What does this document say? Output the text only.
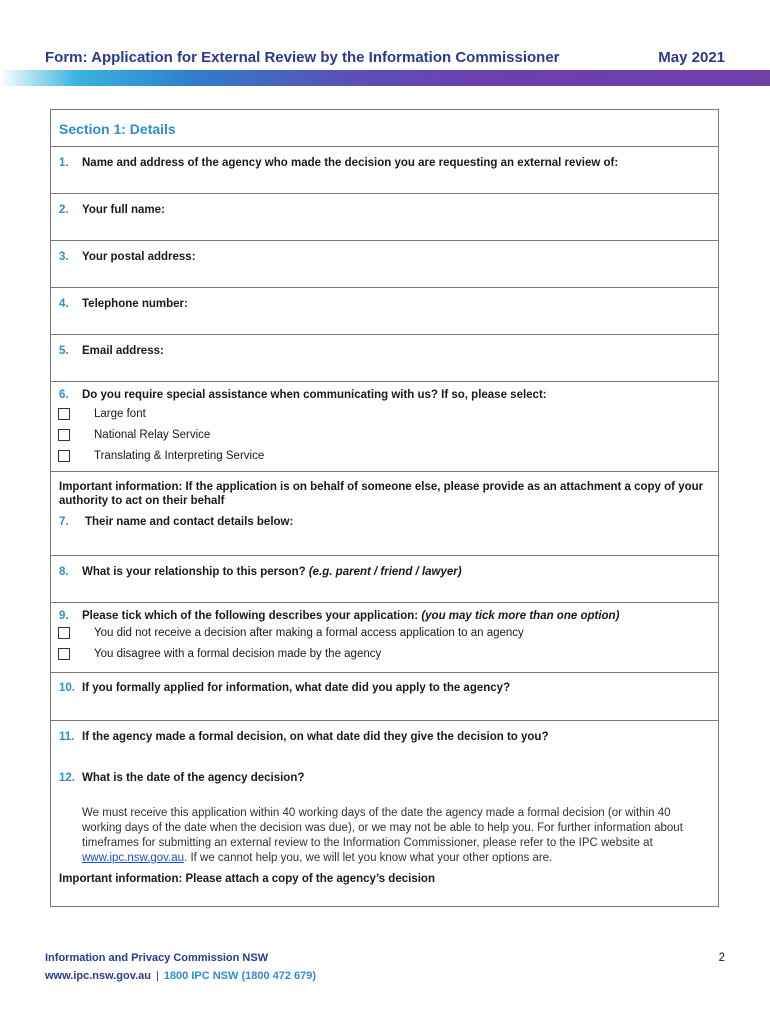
Form: Application for External Review by the Information Commissioner	May 2021
Section 1: Details
1. Name and address of the agency who made the decision you are requesting an external review of:
2. Your full name:
3. Your postal address:
4. Telephone number:
5. Email address:
6. Do you require special assistance when communicating with us? If so, please select:
Large font
National Relay Service
Translating & Interpreting Service
Important information: If the application is on behalf of someone else, please provide as an attachment a copy of your authority to act on their behalf
7. Their name and contact details below:
8. What is your relationship to this person? (e.g. parent / friend / lawyer)
9. Please tick which of the following describes your application: (you may tick more than one option)
You did not receive a decision after making a formal access application to an agency
You disagree with a formal decision made by the agency
10. If you formally applied for information, what date did you apply to the agency?
11. If the agency made a formal decision, on what date did they give the decision to you?
12. What is the date of the agency decision?
We must receive this application within 40 working days of the date the agency made a formal decision (or within 40 working days of the date when the decision was due), or we may not be able to help you. For further information about timeframes for submitting an external review to the Information Commissioner, please refer to the IPC website at www.ipc.nsw.gov.au. If we cannot help you, we will let you know what your other options are.
Important information: Please attach a copy of the agency’s decision
Information and Privacy Commission NSW
www.ipc.nsw.gov.au | 1800 IPC NSW (1800 472 679)
2
